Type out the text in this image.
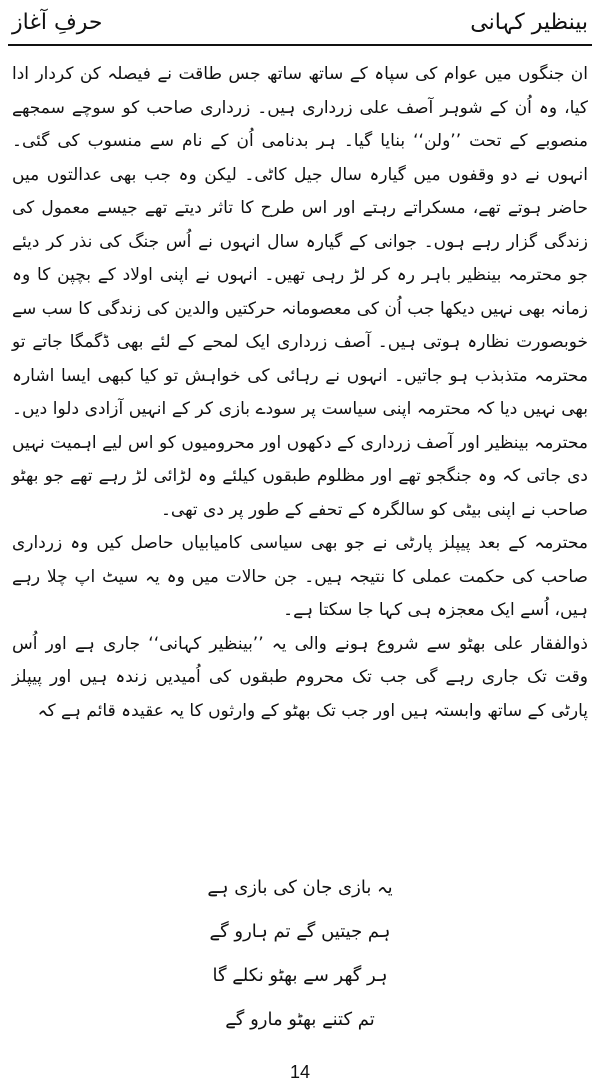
بینظیر کہانی
حرفِ آغاز

ان جنگوں میں عوام کی سپاہ کے ساتھ ساتھ جس طاقت نے فیصلہ کن کردار ادا کیا، وہ اُن کے شوہر آصف علی زرداری ہیں۔ زرداری صاحب کو سوچے سمجھے منصوبے کے تحت ’’ولن‘‘ بنایا گیا۔ ہر بدنامی اُن کے نام سے منسوب کی گئی۔ انہوں نے دو وقفوں میں گیارہ سال جیل کاٹی۔ لیکن وہ جب بھی عدالتوں میں حاضر ہوتے تھے، مسکراتے رہتے اور اس طرح کا تاثر دیتے تھے جیسے معمول کی زندگی گزار رہے ہوں۔ جوانی کے گیارہ سال انہوں نے اُس جنگ کی نذر کر دیئے جو محترمہ بینظیر باہر رہ کر لڑ رہی تھیں۔ انہوں نے اپنی اولاد کے بچپن کا وہ زمانہ بھی نہیں دیکھا جب اُن کی معصومانہ حرکتیں والدین کی زندگی کا سب سے خوبصورت نظارہ ہوتی ہیں۔ آصف زرداری ایک لمحے کے لئے بھی ڈگمگا جاتے تو محترمہ متذبذب ہو جاتیں۔ انہوں نے رہائی کی خواہش تو کیا کبھی ایسا اشارہ بھی نہیں دیا کہ محترمہ اپنی سیاست پر سودے بازی کر کے انہیں آزادی دلوا دیں۔ محترمہ بینظیر اور آصف زرداری کے دکھوں اور محرومیوں کو اس لیے اہمیت نہیں دی جاتی کہ وہ جنگجو تھے اور مظلوم طبقوں کیلئے وہ لڑائی لڑ رہے تھے جو بھٹو صاحب نے اپنی بیٹی کو سالگرہ کے تحفے کے طور پر دی تھی۔

محترمہ کے بعد پیپلز پارٹی نے جو بھی سیاسی کامیابیاں حاصل کیں وہ زرداری صاحب کی حکمت عملی کا نتیجہ ہیں۔ جن حالات میں وہ یہ سیٹ اپ چلا رہے ہیں، اُسے ایک معجزہ ہی کہا جا سکتا ہے۔

ذوالفقار علی بھٹو سے شروع ہونے والی یہ ’’بینظیر کہانی‘‘ جاری ہے اور اُس وقت تک جاری رہے گی جب تک محروم طبقوں کی اُمیدیں زندہ ہیں اور پیپلز پارٹی کے ساتھ وابستہ ہیں اور جب تک بھٹو کے وارثوں کا یہ عقیدہ قائم ہے کہ

یہ بازی جان کی بازی ہے
ہم جیتیں گے تم ہارو گے
ہر گھر سے بھٹو نکلے گا
تم کتنے بھٹو مارو گے
14
